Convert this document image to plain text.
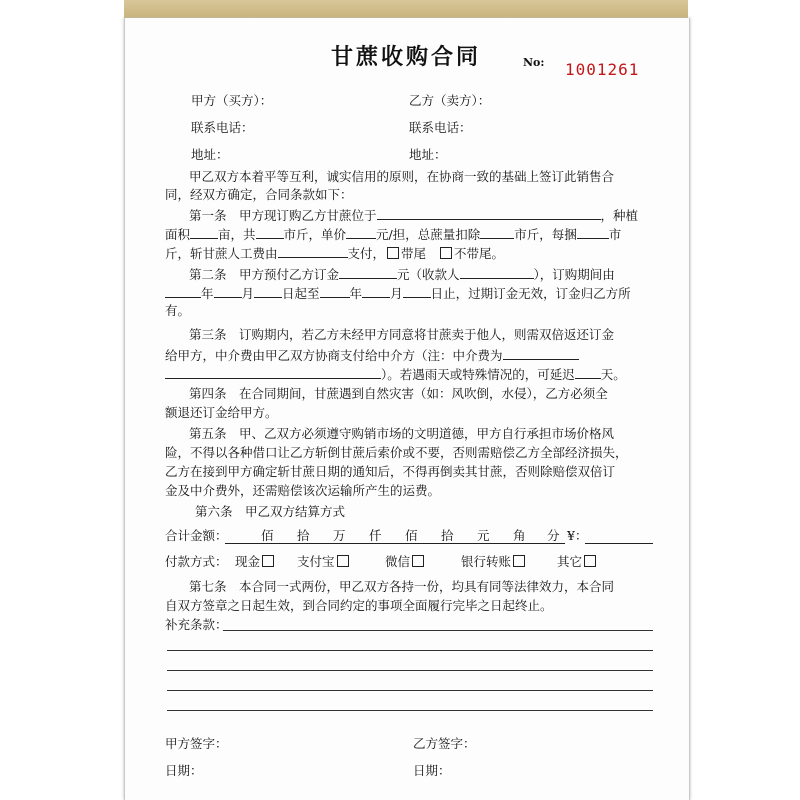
甘蔗收购合同	No: 1001261
甲方（买方）：	乙方（卖方）：
联系电话：	联系电话：
地址：	地址：
甲乙双方本着平等互利，诚实信用的原则，在协商一致的基础上签订此销售合
同，经双方确定，合同条款如下：
第一条　甲方现订购乙方甘蔗位于	，种植
面积 亩，共 市斤，单价 元/担，总蔗量扣除	市斤，每捆	市
斤，斩甘蔗人工费由	支付， 带尾 不带尾。
第二条　甲方预付乙方订金	元（收款人	），订购期间由
年 月 日起至 年 月 日止，过期订金无效，订金归乙方所
有。
第三条　订购期内，若乙方未经甲方同意将甘蔗卖于他人，则需双倍返还订金
给甲方，中介费由甲乙双方协商支付给中介方（注：中介费为
）。若遇雨天或特殊情况的，可延迟 天。
第四条　在合同期间，甘蔗遇到自然灾害（如：风吹倒，水侵），乙方必须全
额退还订金给甲方。
第五条　甲、乙双方必须遵守购销市场的文明道德，甲方自行承担市场价格风
险，不得以各种借口让乙方斩倒甘蔗后索价或不要，否则需赔偿乙方全部经济损失，
乙方在接到甲方确定斩甘蔗日期的通知后，不得再倒卖其甘蔗，否则除赔偿双倍订
金及中介费外，还需赔偿该次运输所产生的运费。
第六条　甲乙双方结算方式
合计金额：	佰 拾 万 仟 佰 拾 元 角 分 ¥：
付款方式： 现金	支付宝	微信	银行转账	其它
第七条　本合同一式两份，甲乙双方各持一份，均具有同等法律效力，本合同
自双方签章之日起生效，到合同约定的事项全面履行完毕之日起终止。
补充条款：
甲方签字：	乙方签字：
日期：	日期：
